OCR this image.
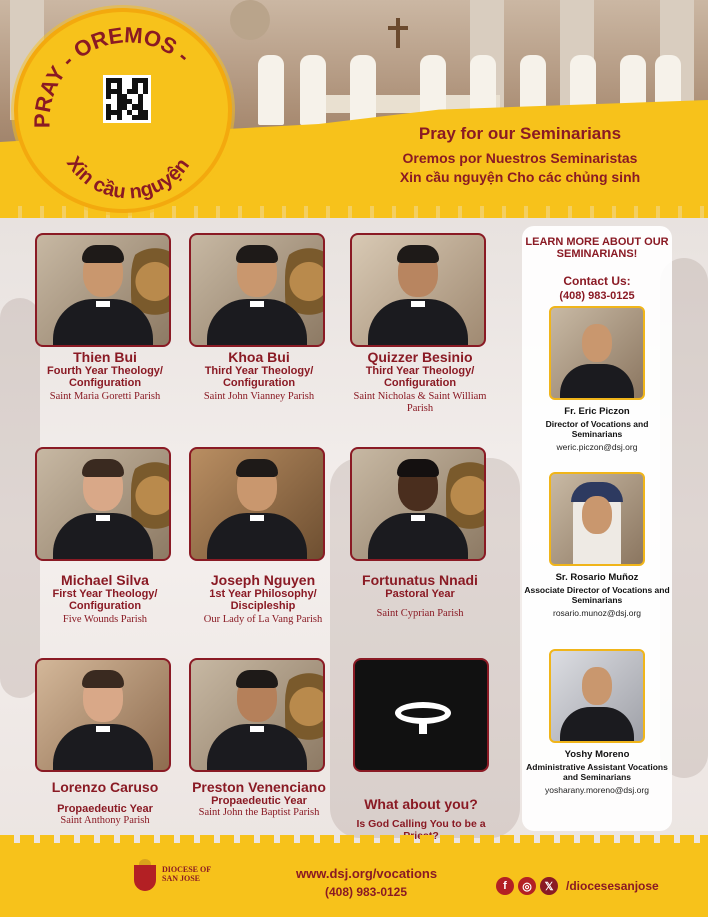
PRAY - OREMOS -
Xin cầu nguyện
Pray for our Seminarians
Oremos por Nuestros Seminaristas
Xin cầu nguyện Cho các chủng sinh
Thien Bui
Fourth Year Theology/ Configuration
Saint Maria Goretti Parish
Khoa Bui
Third Year Theology/ Configuration
Saint John Vianney Parish
Quizzer Besinio
Third Year Theology/ Configuration
Saint Nicholas & Saint William Parish
Michael Silva
First Year Theology/ Configuration
Five Wounds Parish
Joseph Nguyen
1st Year Philosophy/ Discipleship
Our Lady of La Vang Parish
Fortunatus Nnadi
Pastoral Year
Saint Cyprian Parish
Lorenzo Caruso
Propaedeutic Year
Saint Anthony Parish
Preston Venenciano
Propaedeutic Year
Saint John the Baptist Parish
What about you?
Is God Calling You to be a
LEARN MORE ABOUT OUR SEMINARIANS!
Contact Us:
(408) 983-0125
Fr. Eric Piczon
Director of Vocations and Seminarians
weric.piczon@dsj.org
Sr. Rosario Muñoz
Associate Director of Vocations and Seminarians
rosario.munoz@dsj.org
Yoshy Moreno
Administrative Assistant Vocations and Seminarians
yosharany.moreno@dsj.org
DIOCESE OF
SAN JOSE	www.dsj.org/vocations
(408) 983-0125	f	◎	𝕏	/diocesesanjose
